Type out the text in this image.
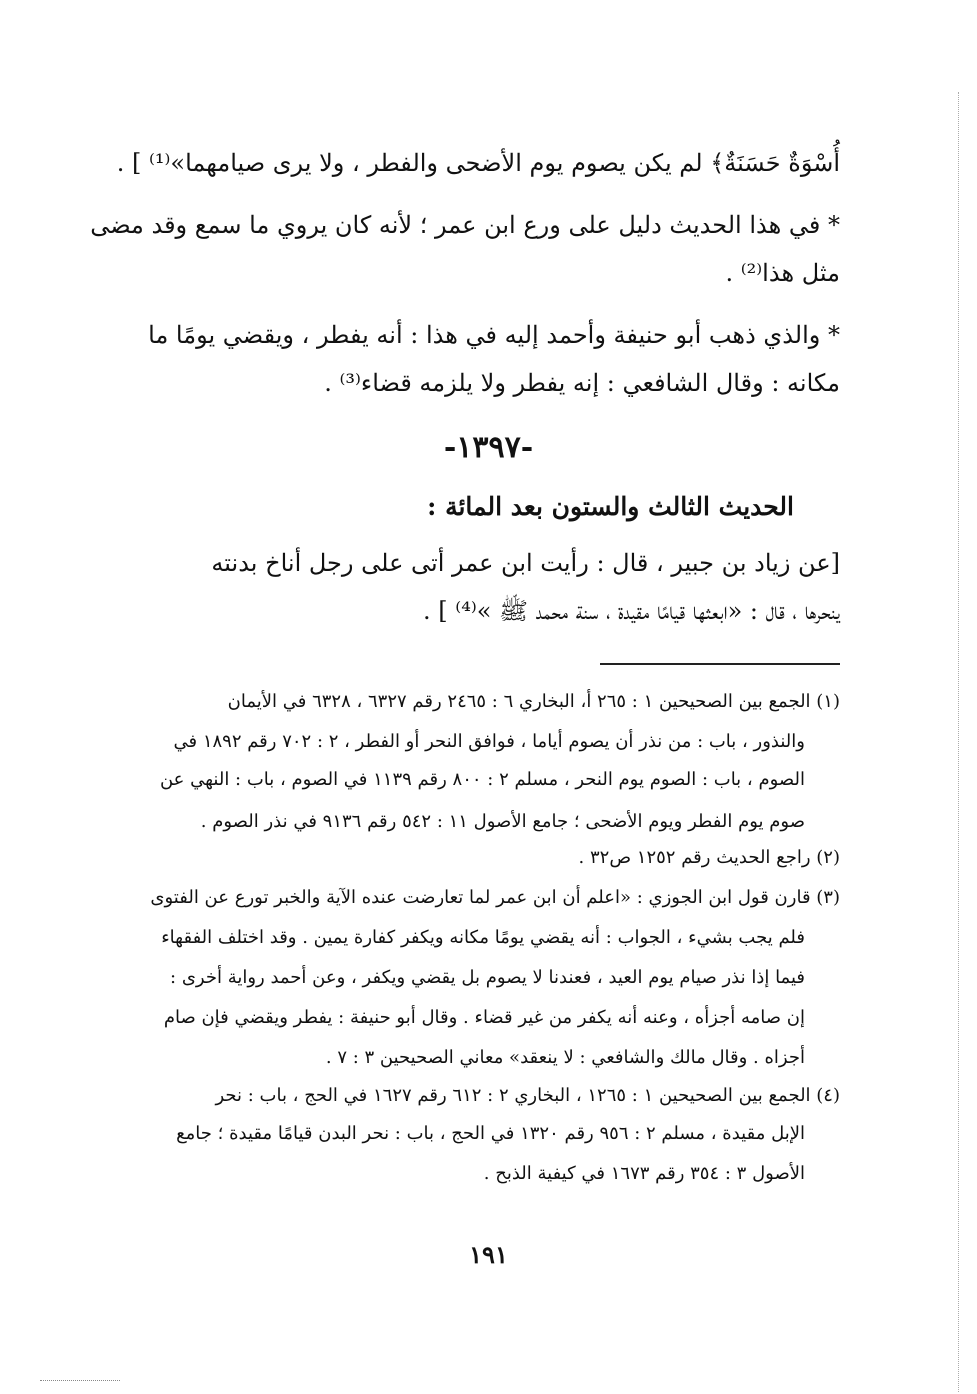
أُسْوَةٌ حَسَنَةٌ﴾ لم يكن يصوم يوم الأضحى والفطر ، ولا يرى صيامهما»⁽¹⁾ ] .
* في هذا الحديث دليل على ورع ابن عمر ؛ لأنه كان يروي ما سمع وقد مضى
مثل هذا⁽²⁾ .
* والذي ذهب أبو حنيفة وأحمد إليه في هذا : أنه يفطر ، ويقضي يومًا ما
مكانه : وقال الشافعي : إنه يفطر ولا يلزمه قضاء⁽³⁾ .
-١٣٩٧-
الحديث الثالث والستون بعد المائة :
[عن زياد بن جبير ، قال : رأيت ابن عمر أتى على رجل أناخ بدنته
ينحرها ، قال : «ابعثها قيامًا مقيدة ، سنة محمد ﷺ »⁽⁴⁾ ] .
(١) الجمع بين الصحيحين ١ : ٢٦٥ أ، البخاري ٦ : ٢٤٦٥ رقم ٦٣٢٧ ، ٦٣٢٨ في الأيمان
والنذور ، باب : من نذر أن يصوم أياما ، فوافق النحر أو الفطر ، ٢ : ٧٠٢ رقم ١٨٩٢ في
الصوم ، باب : الصوم يوم النحر ، مسلم ٢ : ٨٠٠ رقم ١١٣٩ في الصوم ، باب : النهي عن
صوم يوم الفطر ويوم الأضحى ؛ جامع الأصول ١١ : ٥٤٢ رقم ٩١٣٦ في نذر الصوم .
(٢) راجع الحديث رقم ١٢٥٢ ص٣٢ .
(٣) قارن قول ابن الجوزي : «اعلم أن ابن عمر لما تعارضت عنده الآية والخبر تورع عن الفتوى
فلم يجب بشيء ، الجواب : أنه يقضي يومًا مكانه ويكفر كفارة يمين . وقد اختلف الفقهاء
فيما إذا نذر صيام يوم العيد ، فعندنا لا يصوم بل يقضي ويكفر ، وعن أحمد رواية أخرى :
إن صامه أجزأه ، وعنه أنه يكفر من غير قضاء . وقال أبو حنيفة : يفطر ويقضي فإن صام
أجزاه . وقال مالك والشافعي : لا ينعقد» معاني الصحيحين ٣ : ٧ .
(٤) الجمع بين الصحيحين ١ : ١٢٦٥ ، البخاري ٢ : ٦١٢ رقم ١٦٢٧ في الحج ، باب : نحر
الإبل مقيدة ، مسلم ٢ : ٩٥٦ رقم ١٣٢٠ في الحج ، باب : نحر البدن قيامًا مقيدة ؛ جامع
الأصول ٣ : ٣٥٤ رقم ١٦٧٣ في كيفية الذبح .
١٩١
